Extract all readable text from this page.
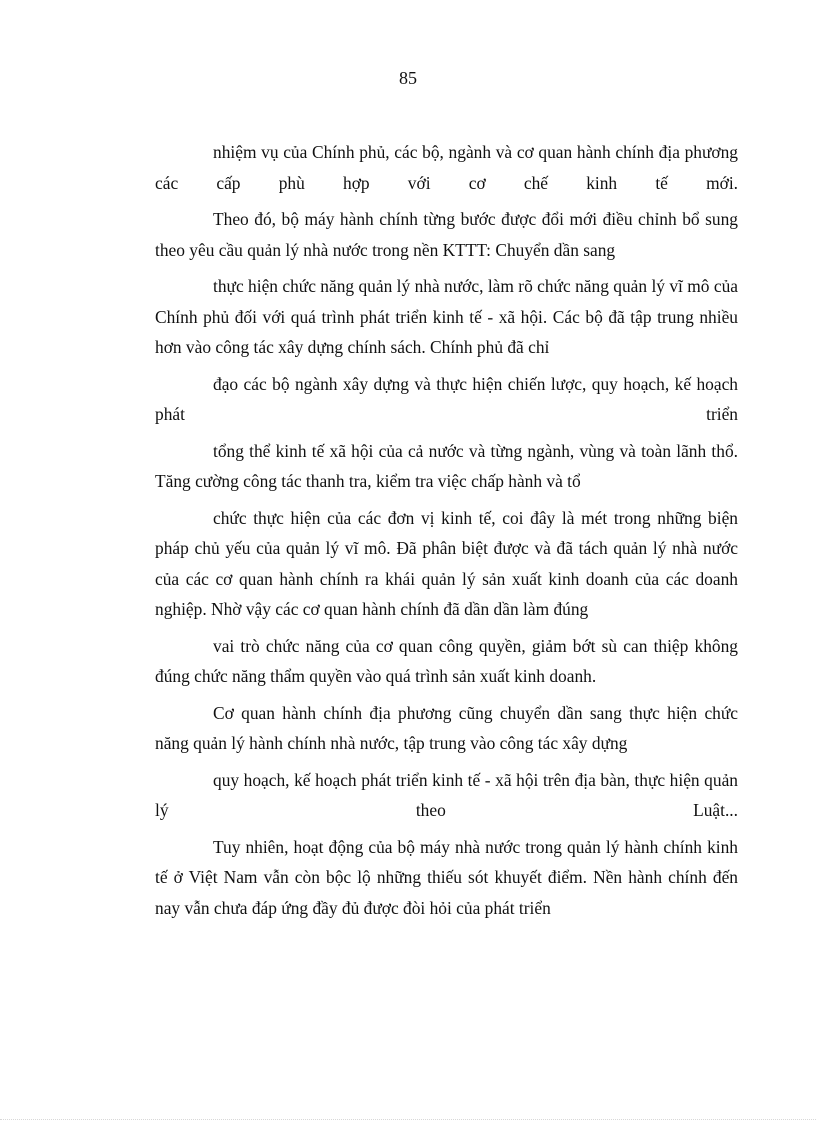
85

nhiệm vụ của Chính phủ, các bộ, ngành và cơ quan hành chính địa phương các cấp phù hợp với cơ chế kinh tế mới.

Theo đó, bộ máy hành chính từng bước được đổi mới điều chỉnh bổ sung theo yêu cầu quản lý nhà nước trong nền KTTT: Chuyển dần sang

thực hiện chức năng quản lý nhà nước, làm rõ chức năng quản lý vĩ mô của Chính phủ đối với quá trình phát triển kinh tế - xã hội. Các bộ đã tập trung nhiều hơn vào công tác xây dựng chính sách. Chính phủ đã chỉ

đạo các bộ ngành xây dựng và thực hiện chiến lược, quy hoạch, kế hoạch phát triển

tổng thể kinh tế xã hội của cả nước và từng ngành, vùng và toàn lãnh thổ. Tăng cường công tác thanh tra, kiểm tra việc chấp hành và tổ

chức thực hiện của các đơn vị kinh tế, coi đây là mét trong những biện pháp chủ yếu của quản lý vĩ mô. Đã phân biệt được và đã tách quản lý nhà nước của các cơ quan hành chính ra khái quản lý sản xuất kinh doanh của các doanh nghiệp. Nhờ vậy các cơ quan hành chính đã dần dần làm đúng

vai trò chức năng của cơ quan công quyền, giảm bớt sù can thiệp không đúng chức năng thẩm quyền vào quá trình sản xuất kinh doanh.

Cơ quan hành chính địa phương cũng chuyển dần sang thực hiện chức năng quản lý hành chính nhà nước, tập trung vào công tác xây dựng

quy hoạch, kế hoạch phát triển kinh tế - xã hội trên địa bàn, thực hiện quản lý theo Luật...

Tuy nhiên, hoạt động của bộ máy nhà nước trong quản lý hành chính kinh tế ở Việt Nam vẫn còn bộc lộ những thiếu sót khuyết điểm. Nền hành chính đến nay vẫn chưa đáp ứng đầy đủ được đòi hỏi của phát triển
